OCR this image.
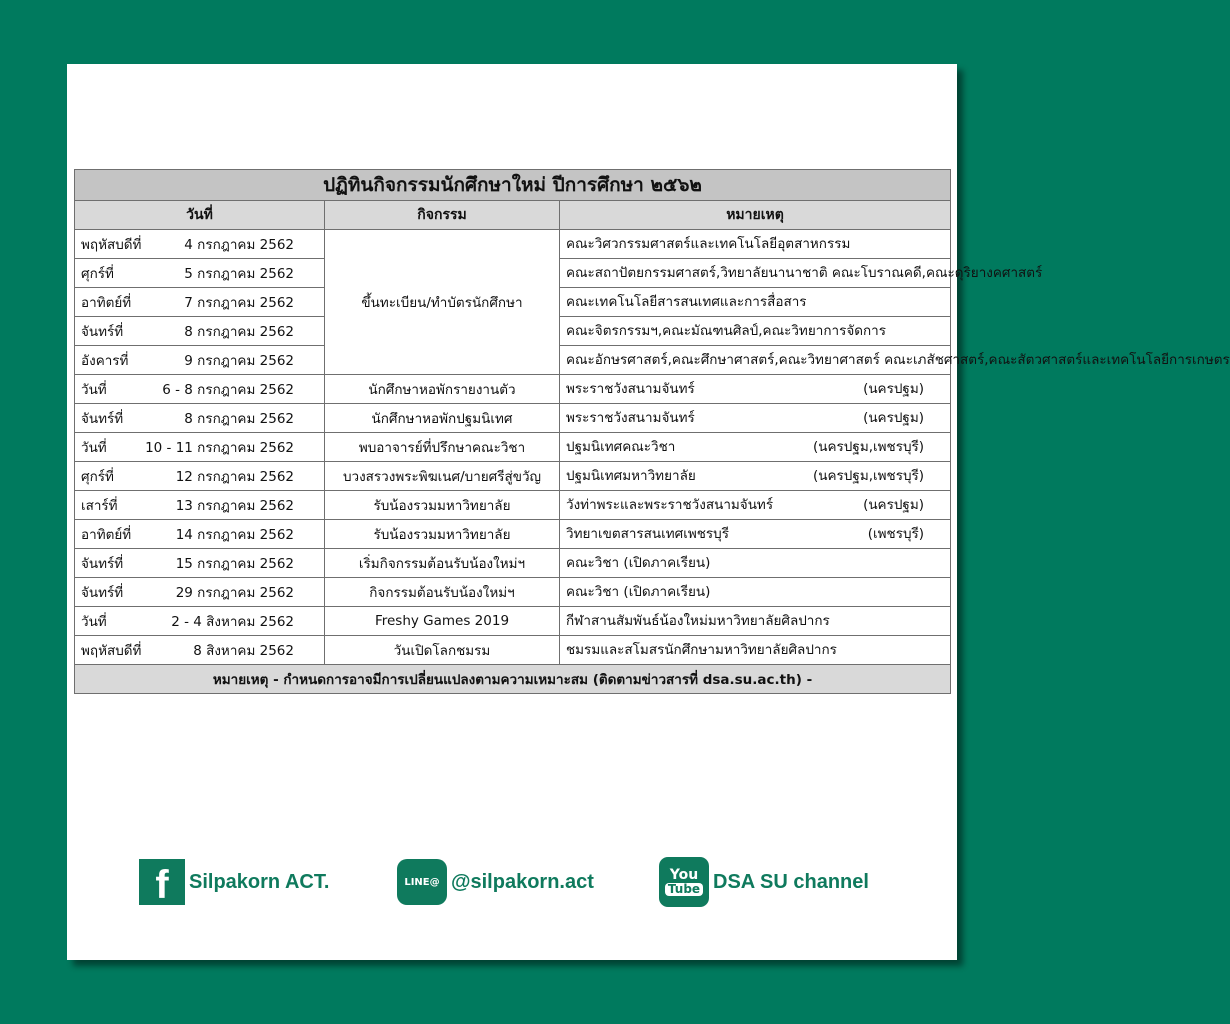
ปฏิทินกิจกรรมนักศึกษาใหม่ ปีการศึกษา ๒๕๖๒		
วันที่	กิจกรรม	หมายเหตุ
พฤหัสบดีที่ 4 กรกฎาคม 2562	ขึ้นทะเบียน/ทำบัตรนักศึกษา	คณะวิศวกรรมศาสตร์และเทคโนโลยีอุตสาหกรรม
ศุกร์ที่ 5 กรกฎาคม 2562		คณะสถาปัตยกรรมศาสตร์,วิทยาลัยนานาชาติ คณะโบราณคดี,คณะดุริยางคศาสตร์
อาทิตย์ที่ 7 กรกฎาคม 2562		คณะเทคโนโลยีสารสนเทศและการสื่อสาร
จันทร์ที่ 8 กรกฎาคม 2562		คณะจิตรกรรมฯ,คณะมัณฑนศิลป์,คณะวิทยาการจัดการ
อังคารที่ 9 กรกฎาคม 2562		คณะอักษรศาสตร์,คณะศึกษาศาสตร์,คณะวิทยาศาสตร์ คณะเภสัชศาสตร์,คณะสัตวศาสตร์และเทคโนโลยีการเกษตร
วันที่ 6 - 8 กรกฎาคม 2562	นักศึกษาหอพักรายงานตัว	พระราชวังสนามจันทร์ (นครปฐม)

จันทร์ที่ 8 กรกฎาคม 2562	นักศึกษาหอพักปฐมนิเทศ	พระราชวังสนามจันทร์ (นครปฐม)

วันที่ 10 - 11 กรกฎาคม 2562	พบอาจารย์ที่ปรึกษาคณะวิชา	ปฐมนิเทศคณะวิชา (นครปฐม,เพชรบุรี)

ศุกร์ที่ 12 กรกฎาคม 2562	บวงสรวงพระพิฆเนศ/บายศรีสู่ขวัญ	ปฐมนิเทศมหาวิทยาลัย (นครปฐม,เพชรบุรี)

เสาร์ที่ 13 กรกฎาคม 2562	รับน้องรวมมหาวิทยาลัย	วังท่าพระและพระราชวังสนามจันทร์ (นครปฐม)

อาทิตย์ที่ 14 กรกฎาคม 2562	รับน้องรวมมหาวิทยาลัย	วิทยาเขตสารสนเทศเพชรบุรี (เพชรบุรี)

จันทร์ที่ 15 กรกฎาคม 2562	เริ่มกิจกรรมต้อนรับน้องใหม่ฯ	คณะวิชา (เปิดภาคเรียน)
จันทร์ที่ 29 กรกฎาคม 2562	กิจกรรมต้อนรับน้องใหม่ฯ	คณะวิชา (เปิดภาคเรียน)
วันที่ 2 - 4 สิงหาคม 2562	Freshy Games 2019	กีฬาสานสัมพันธ์น้องใหม่มหาวิทยาลัยศิลปากร
พฤหัสบดีที่ 8 สิงหาคม 2562	วันเปิดโลกชมรม	ชมรมและสโมสรนักศึกษามหาวิทยาลัยศิลปากร
หมายเหตุ - กำหนดการอาจมีการเปลี่ยนแปลงตามความเหมาะสม (ติดตามข่าวสารที่ dsa.su.ac.th) -		
f	Silpakorn ACT.	LINE@ @silpakorn.act	You
Tube DSA SU channel
